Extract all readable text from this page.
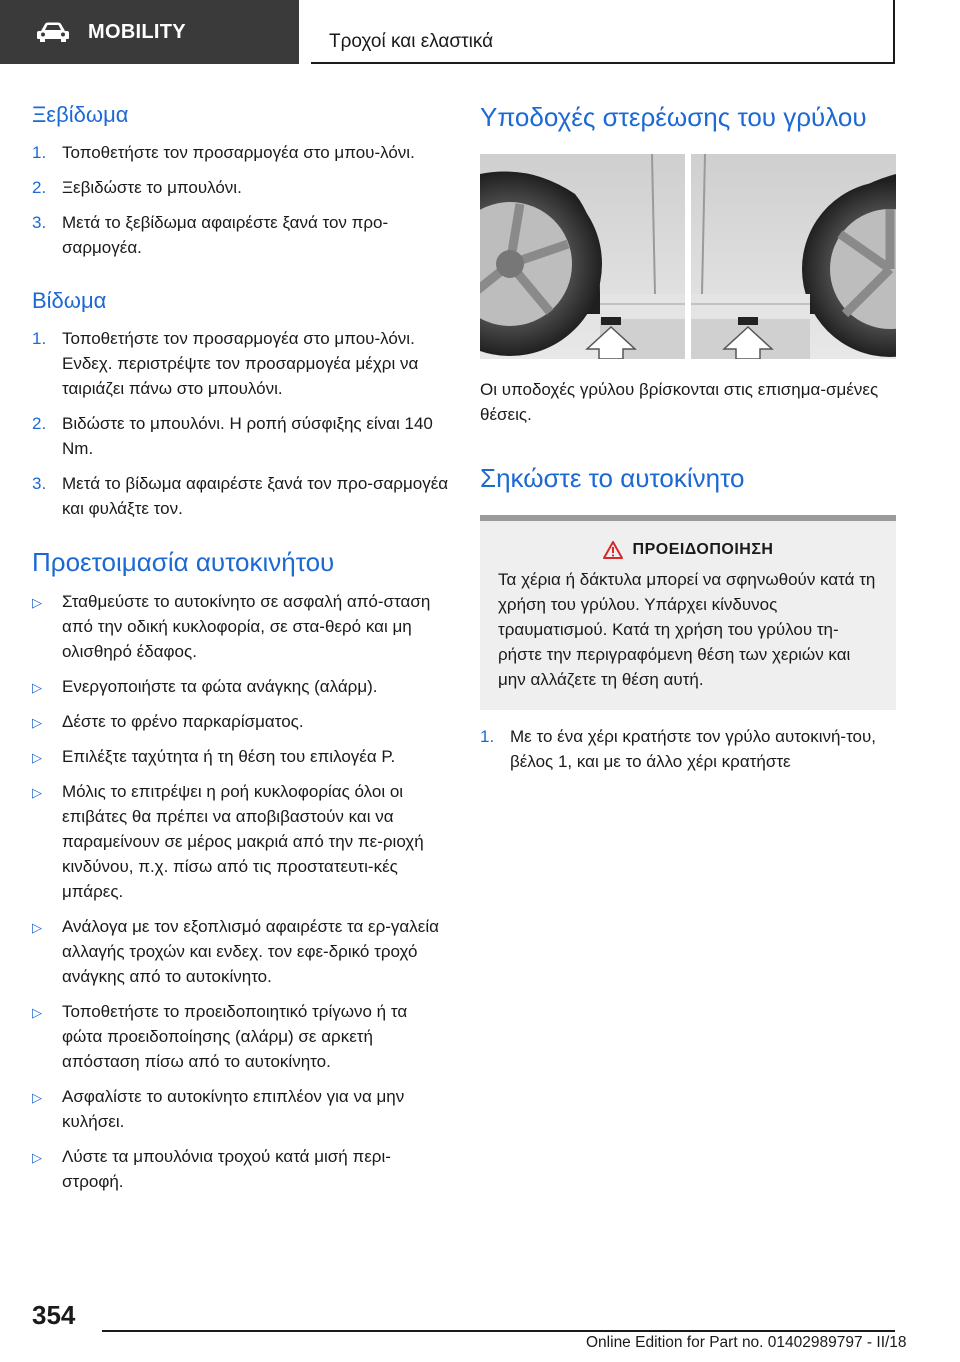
MOBILITY	Τροχοί και ελαστικά
Ξεβίδωμα
1. Τοποθετήστε τον προσαρμογέα στο μπου-λόνι.
2. Ξεβιδώστε το μπουλόνι.
3. Μετά το ξεβίδωμα αφαιρέστε ξανά τον προ-σαρμογέα.
Βίδωμα
1. Τοποθετήστε τον προσαρμογέα στο μπου-λόνι. Ενδεχ. περιστρέψτε τον προσαρμογέα μέχρι να ταιριάζει πάνω στο μπουλόνι.
2. Βιδώστε το μπουλόνι. Η ροπή σύσφιξης είναι 140 Nm.
3. Μετά το βίδωμα αφαιρέστε ξανά τον προ-σαρμογέα και φυλάξτε τον.
Προετοιμασία αυτοκινήτου
▷ Σταθμεύστε το αυτοκίνητο σε ασφαλή από-σταση από την οδική κυκλοφορία, σε στα-θερό και μη ολισθηρό έδαφος.
▷ Ενεργοποιήστε τα φώτα ανάγκης (αλάρμ).
▷ Δέστε το φρένο παρκαρίσματος.
▷ Επιλέξτε ταχύτητα ή τη θέση του επιλογέα P.
▷ Μόλις το επιτρέψει η ροή κυκλοφορίας όλοι οι επιβάτες θα πρέπει να αποβιβαστούν και να παραμείνουν σε μέρος μακριά από την πε-ριοχή κινδύνου, π.χ. πίσω από τις προστατευτι-κές μπάρες.
▷ Ανάλογα με τον εξοπλισμό αφαιρέστε τα ερ-γαλεία αλλαγής τροχών και ενδεχ. τον εφε-δρικό τροχό ανάγκης από το αυτοκίνητο.
▷ Τοποθετήστε το προειδοποιητικό τρίγωνο ή τα φώτα προειδοποίησης (αλάρμ) σε αρκετή απόσταση πίσω από το αυτοκίνητο.
▷ Ασφαλίστε το αυτοκίνητο επιπλέον για να μην κυλήσει.
▷ Λύστε τα μπουλόνια τροχού κατά μισή περι-στροφή.
Υποδοχές στερέωσης του γρύλου

Οι υποδοχές γρύλου βρίσκονται στις επισημα-σμένες θέσεις.

Σηκώστε το αυτοκίνητο
ΠΡΟΕΙΔΟΠΟΙΗΣΗ

Τα χέρια ή δάκτυλα μπορεί να σφηνωθούν κατά τη χρήση του γρύλου. Υπάρχει κίνδυνος τραυματισμού. Κατά τη χρήση του γρύλου τη-ρήστε την περιγραφόμενη θέση των χεριών και μην αλλάζετε τη θέση αυτή.

1. Με το ένα χέρι κρατήστε τον γρύλο αυτοκινή-του, βέλος 1, και με το άλλο χέρι κρατήστε
354
Online Edition for Part no. 01402989797 - II/18
